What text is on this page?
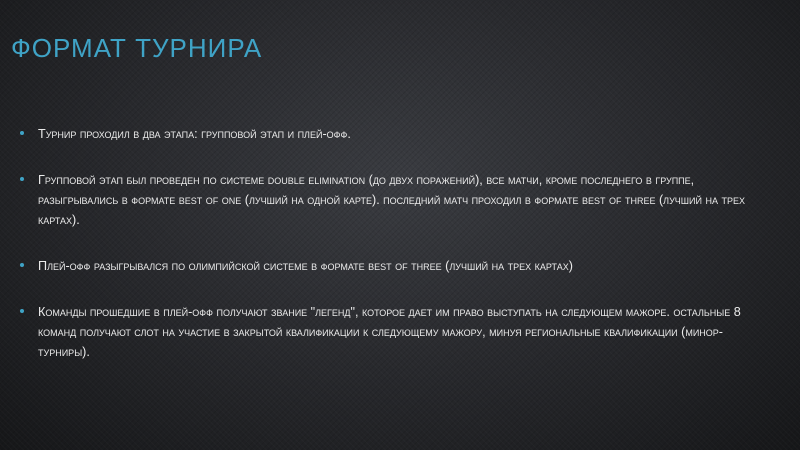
ФОРМАТ ТУРНИРА
Турнир проходил в два этапа: групповой этап и плей-офф.
Групповой этап был проведен по системе double elimination (до двух поражений), все матчи, кроме последнего в группе, разыгрывались в формате best of one (лучший на одной карте). последний матч проходил в формате best of three (лучший на трех картах).
Плей-офф разыгрывался по олимпийской системе в формате best of three (лучший на трех картах)
Команды прошедшие в плей-офф получают звание "легенд", которое дает им право выступать на следующем мажоре. остальные 8 команд получают слот на участие в закрытой квалификации к следующему мажору, минуя региональные квалификации (минор-турниры).
